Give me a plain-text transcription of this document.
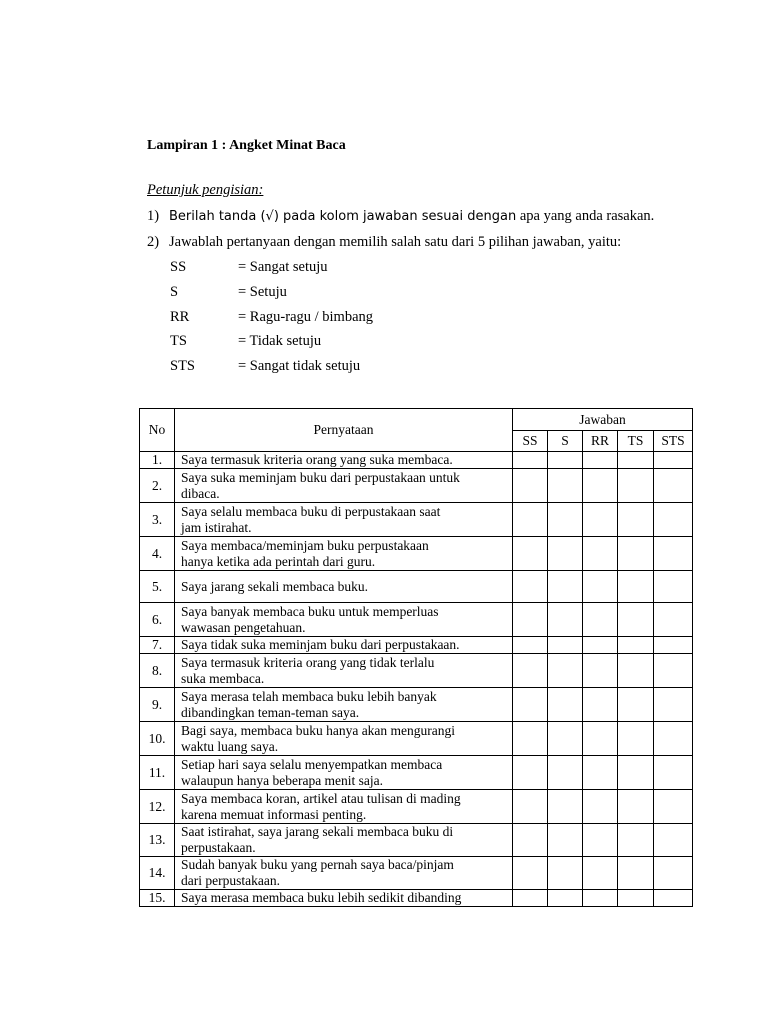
Lampiran 1 : Angket Minat Baca
Petunjuk pengisian:
1) Berilah tanda (√) pada kolom jawaban sesuai dengan apa yang anda rasakan.
2) Jawablah pertanyaan dengan memilih salah satu dari 5 pilihan jawaban, yaitu:
SS	= Sangat setuju
S	= Setuju
RR	= Ragu-ragu / bimbang
TS	= Tidak setuju
STS	= Sangat tidak setuju
No	Pernyataan	Jawaban				
		SS	S	RR	TS	STS
1.	Saya termasuk kriteria orang yang suka membaca.					

2.	Saya suka meminjam buku dari perpustakaan untuk
dibaca.					

3.	Saya selalu membaca buku di perpustakaan saat
jam istirahat.					

4.	Saya membaca/meminjam buku perpustakaan
hanya ketika ada perintah dari guru.					

5.	Saya jarang sekali membaca buku.					

6.	Saya banyak membaca buku untuk memperluas
wawasan pengetahuan.					

7.	Saya tidak suka meminjam buku dari perpustakaan.					

8.	Saya termasuk kriteria orang yang tidak terlalu
suka membaca.					

9.	Saya merasa telah membaca buku lebih banyak
dibandingkan teman-teman saya.					

10.	Bagi saya, membaca buku hanya akan mengurangi
waktu luang saya.					

11.	Setiap hari saya selalu menyempatkan membaca
walaupun hanya beberapa menit saja.					

12.	Saya membaca koran, artikel atau tulisan di mading
karena memuat informasi penting.					

13.	Saat istirahat, saya jarang sekali membaca buku di
perpustakaan.					

14.	Sudah banyak buku yang pernah saya baca/pinjam
dari perpustakaan.					

15.	Saya merasa membaca buku lebih sedikit dibanding					
